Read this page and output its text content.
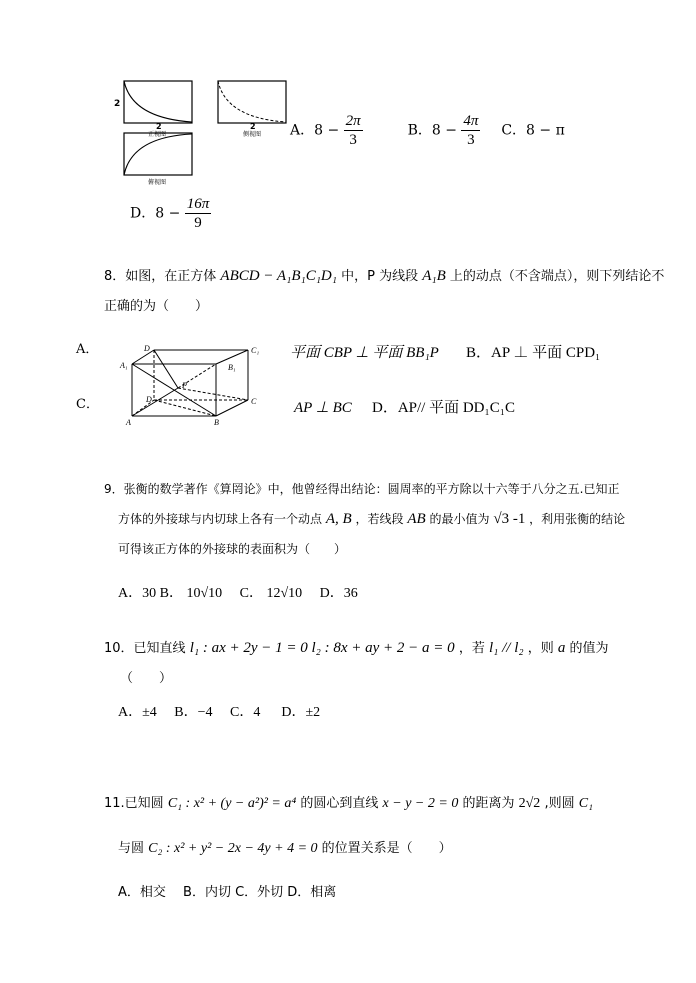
2
2
正视图
2
侧视图
俯视图
A．$8 - \frac{2\pi}{3}$	B．$8 - \frac{4\pi}{3}$ C．8 − π
D．$8 - \frac{16\pi}{9}$
8．如图，在正方体 ABCD − A₁B₁C₁D₁ 中，P 为线段 A₁B 上的动点（不含端点），则下列结论不
正确的为（　　）
A．
C．
D	C₁
A₁	B₁
P
D	C
A	B
平面 CBP ⊥ 平面 BB₁P B．AP ⊥ 平面 CPD₁
AP ⊥ BC D．AP// 平面 DD₁C₁C
9．张衡的数学著作《算罔论》中，他曾经得出结论：圆周率的平方除以十六等于八分之五.已知正
方体的外接球与内切球上各有一个动点 A, B ，若线段 AB 的最小值为 √3 -1 ，利用张衡的结论
可得该正方体的外接球的表面积为（　　）
A．30 B． 10√10 　C． 12√10 　D．36
10．已知直线 l₁ : ax + 2y − 1 = 0 l₂ : 8x + ay + 2 − a = 0 ，若 l₁ // l₂ ，则 a 的值为
（　　）
A．±4 　B．−4 　C．4 　 D．±2
11.已知圆 C₁ : x² + (y − a²)² = a⁴ 的圆心到直线 x − y − 2 = 0 的距离为 2√2 ,则圆 C₁
与圆 C₂ : x² + y² − 2x − 4y + 4 = 0 的位置关系是（　　）
A．相交 　B．内切 C．外切 D．相离
